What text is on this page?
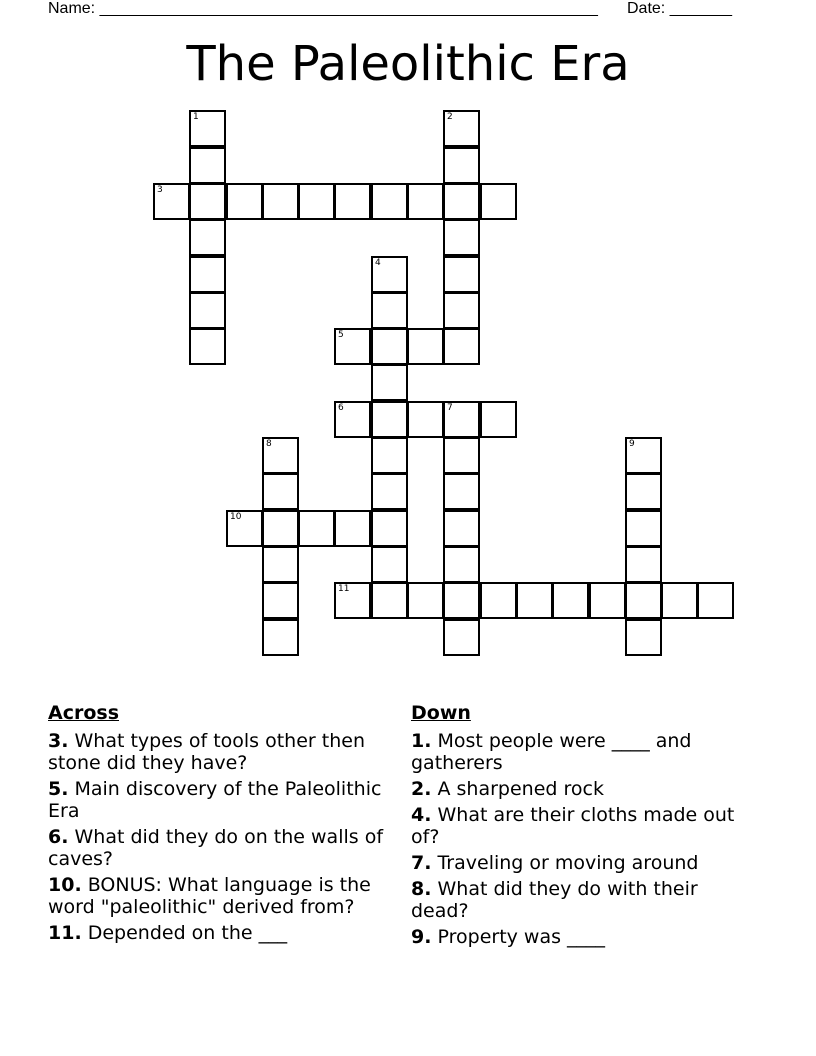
Name: ________________________________________________________ Date: _______
The Paleolithic Era
1	2
3
4
5
6	7
8	9
10
11
Across
3. What types of tools other then stone did they have?
5. Main discovery of the Paleolithic Era
6. What did they do on the walls of caves?
10. BONUS: What language is the word "paleolithic" derived from?
11. Depended on the ___
Down
1. Most people were ____ and gatherers
2. A sharpened rock
4. What are their cloths made out of?
7. Traveling or moving around
8. What did they do with their dead?
9. Property was ____
